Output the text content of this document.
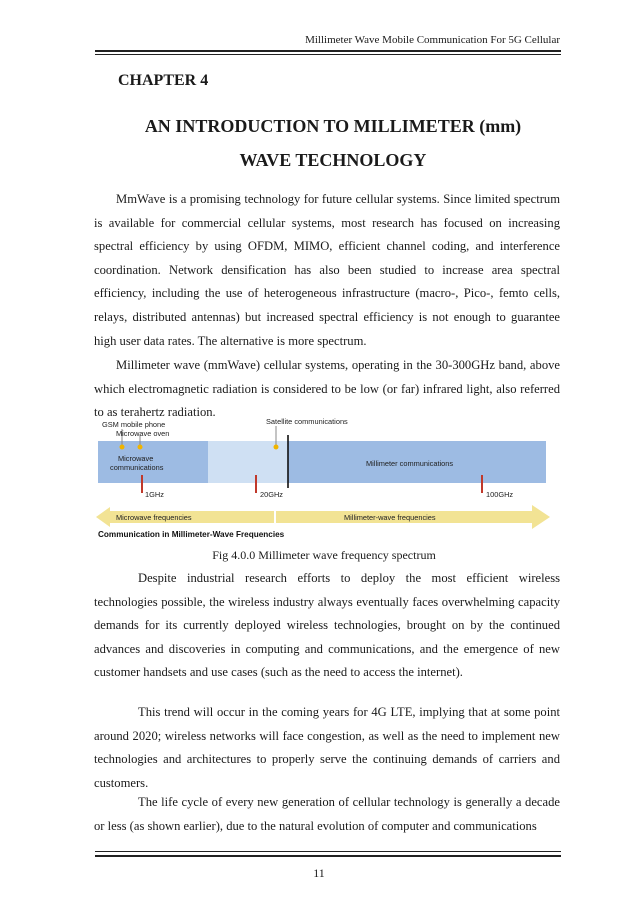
Millimeter Wave Mobile Communication For 5G Cellular
CHAPTER 4
AN INTRODUCTION TO MILLIMETER (mm)
WAVE TECHNOLOGY
MmWave is a promising technology for future cellular systems. Since limited spectrum is available for commercial cellular systems, most research has focused on increasing spectral efficiency by using OFDM, MIMO, efficient channel coding, and interference coordination. Network densification has also been studied to increase area spectral efficiency, including the use of heterogeneous infrastructure (macro-, Pico-, femto cells, relays, distributed antennas) but increased spectral efficiency is not enough to guarantee high user data rates. The alternative is more spectrum.
Millimeter wave (mmWave) cellular systems, operating in the 30-300GHz band, above which electromagnetic radiation is considered to be low (or far) infrared light, also referred to as terahertz radiation.
GSM mobile phone
Microwave oven
Satellite communications
Microwave
communications	Millimeter communications
1GHz	20GHz	100GHz
Microwave frequencies	Millimeter-wave frequencies
Communication in Millimeter-Wave Frequencies
Fig 4.0.0 Millimeter wave frequency spectrum
Despite industrial research efforts to deploy the most efficient wireless technologies possible, the wireless industry always eventually faces overwhelming capacity demands for its currently deployed wireless technologies, brought on by the continued advances and discoveries in computing and communications, and the emergence of new customer handsets and use cases (such as the need to access the internet).
This trend will occur in the coming years for 4G LTE, implying that at some point around 2020; wireless networks will face congestion, as well as the need to implement new technologies and architectures to properly serve the continuing demands of carriers and customers.
The life cycle of every new generation of cellular technology is generally a decade or less (as shown earlier), due to the natural evolution of computer and communications
11
